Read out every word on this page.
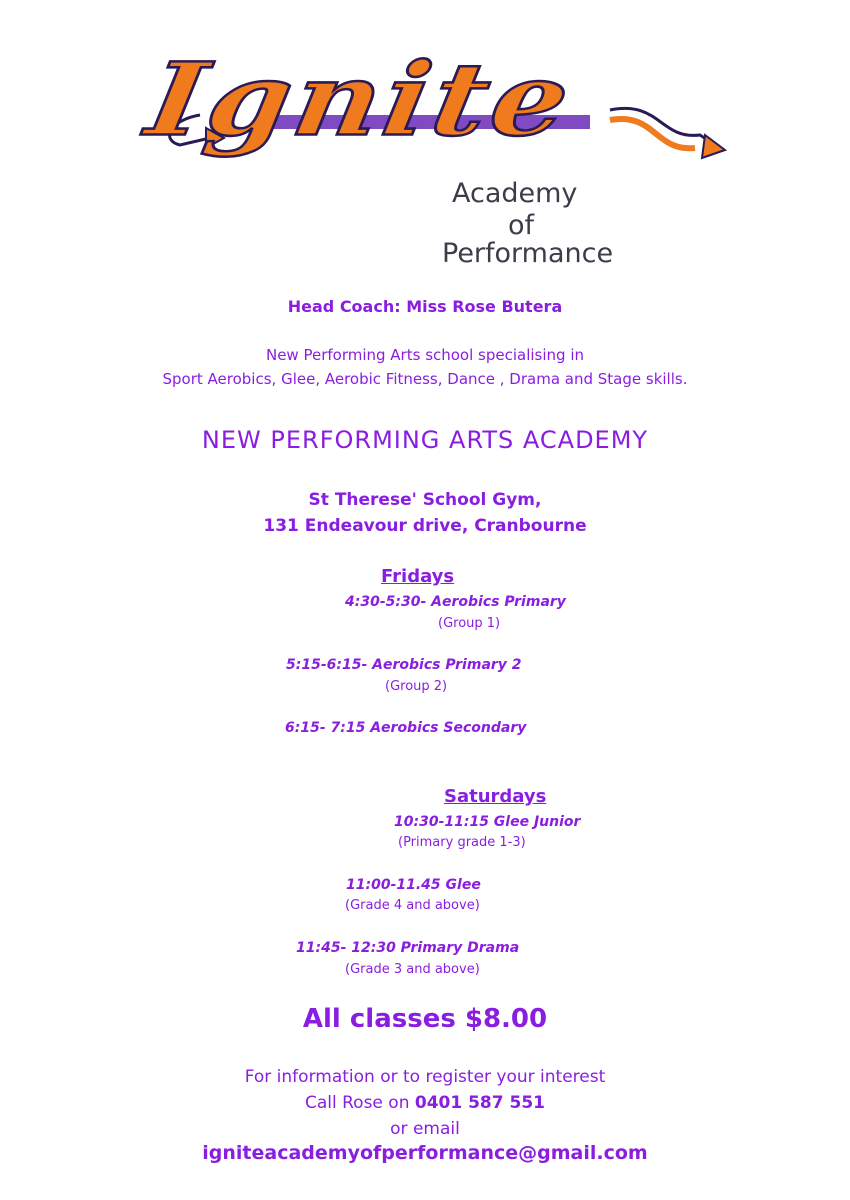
Ignite
Academy
of
Performance
Head Coach: Miss Rose Butera
New Performing Arts school specialising in
Sport Aerobics, Glee, Aerobic Fitness, Dance , Drama and Stage skills.
NEW PERFORMING ARTS ACADEMY
St Therese' School Gym,
131 Endeavour drive, Cranbourne
Fridays
4:30-5:30- Aerobics Primary
(Group 1)
5:15-6:15- Aerobics Primary 2
(Group 2)
6:15- 7:15 Aerobics Secondary
Saturdays
10:30-11:15 Glee Junior
(Primary grade 1-3)
11:00-11.45 Glee
(Grade 4 and above)
11:45- 12:30 Primary Drama
(Grade 3 and above)
All classes $8.00
For information or to register your interest
Call Rose on 0401 587 551
or email
igniteacademyofperformance@gmail.com
